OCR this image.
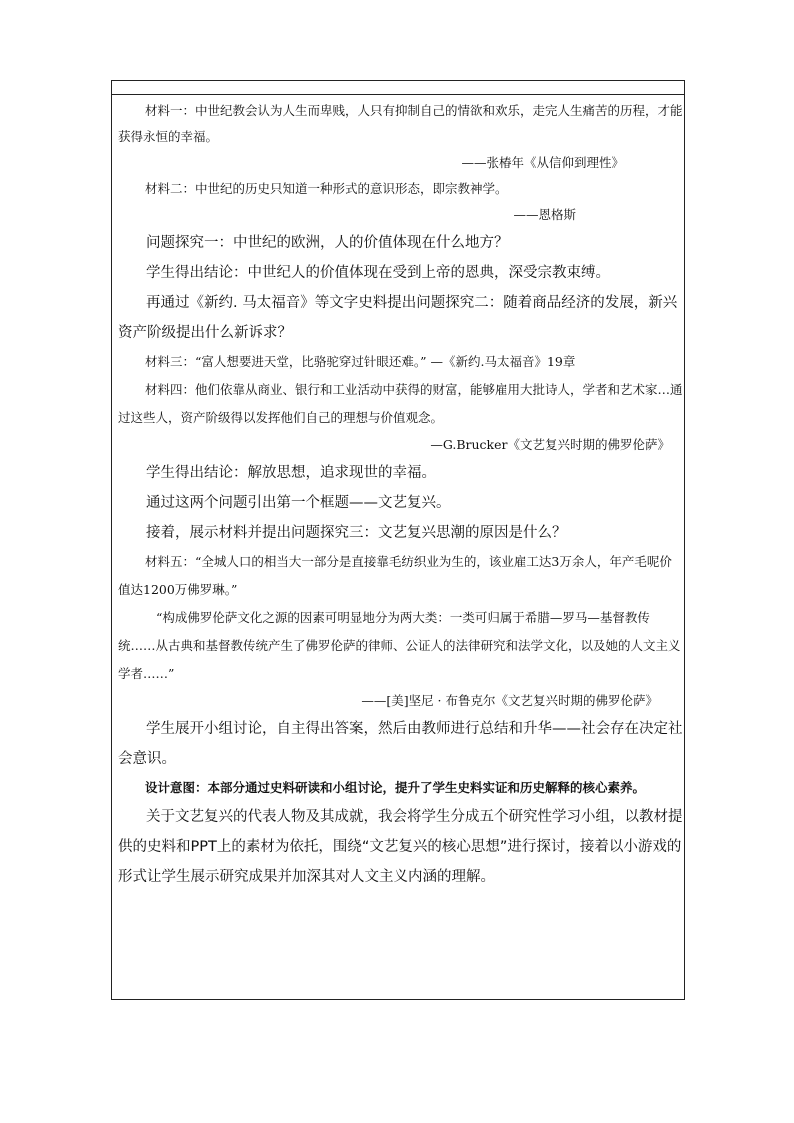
材料一：中世纪教会认为人生而卑贱，人只有抑制自己的情欲和欢乐，走完人生痛苦的历程，才能获得永恒的幸福。

——张椿年《从信仰到理性》

材料二：中世纪的历史只知道一种形式的意识形态，即宗教神学。

——恩格斯

问题探究一：中世纪的欧洲，人的价值体现在什么地方？

学生得出结论：中世纪人的价值体现在受到上帝的恩典，深受宗教束缚。

再通过《新约. 马太福音》等文字史料提出问题探究二：随着商品经济的发展，新兴资产阶级提出什么新诉求？

材料三：“富人想要进天堂，比骆驼穿过针眼还难。” —《新约.马太福音》19章

材料四：他们依靠从商业、银行和工业活动中获得的财富，能够雇用大批诗人，学者和艺术家…通过这些人，资产阶级得以发挥他们自己的理想与价值观念。

—G.Brucker《文艺复兴时期的佛罗伦萨》

学生得出结论：解放思想，追求现世的幸福。

通过这两个问题引出第一个框题——文艺复兴。

接着，展示材料并提出问题探究三：文艺复兴思潮的原因是什么？

材料五：“全城人口的相当大一部分是直接靠毛纺织业为生的，该业雇工达3万余人，年产毛呢价值达1200万佛罗琳。”

“构成佛罗伦萨文化之源的因素可明显地分为两大类：一类可归属于希腊—罗马—基督教传统……从古典和基督教传统产生了佛罗伦萨的律师、公证人的法律研究和法学文化，以及她的人文主义学者……”

——[美]坚尼 · 布鲁克尔《文艺复兴时期的佛罗伦萨》

学生展开小组讨论，自主得出答案，然后由教师进行总结和升华——社会存在决定社会意识。

设计意图：本部分通过史料研读和小组讨论，提升了学生史料实证和历史解释的核心素养。

关于文艺复兴的代表人物及其成就，我会将学生分成五个研究性学习小组，以教材提供的史料和PPT上的素材为依托，围绕“文艺复兴的核心思想”进行探讨，接着以小游戏的形式让学生展示研究成果并加深其对人文主义内涵的理解。
